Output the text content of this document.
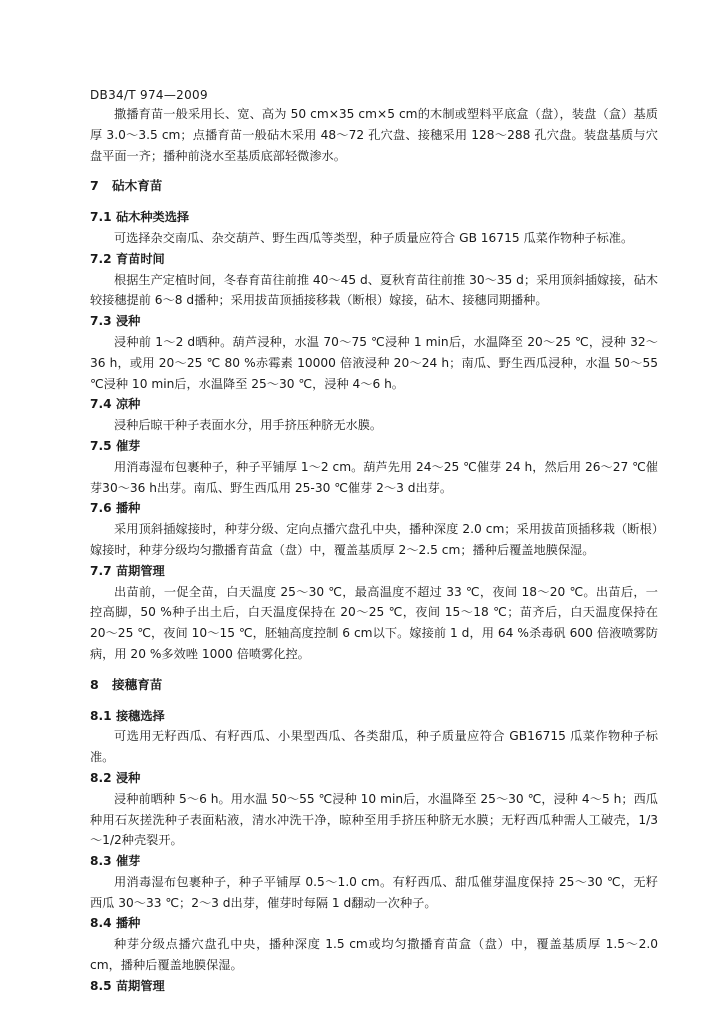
DB34/T 974—2009

撒播育苗一般采用长、宽、高为 50 cm×35 cm×5 cm的木制或塑料平底盒（盘），装盘（盒）基质厚 3.0～3.5 cm；点播育苗一般砧木采用 48～72 孔穴盘、接穗采用 128～288 孔穴盘。装盘基质与穴盘平面一齐；播种前浇水至基质底部轻微渗水。

7 砧木育苗
7.1 砧木种类选择

可选择杂交南瓜、杂交葫芦、野生西瓜等类型，种子质量应符合 GB 16715 瓜菜作物种子标准。

7.2 育苗时间

根据生产定植时间，冬春育苗往前推 40～45 d、夏秋育苗往前推 30～35 d；采用顶斜插嫁接，砧木较接穗提前 6～8 d播种；采用拔苗顶插接移栽（断根）嫁接，砧木、接穗同期播种。

7.3 浸种

浸种前 1～2 d晒种。葫芦浸种，水温 70～75 ℃浸种 1 min后，水温降至 20～25 ℃，浸种 32～36 h，或用 20～25 ℃ 80 %赤霉素 10000 倍液浸种 20～24 h；南瓜、野生西瓜浸种，水温 50～55 ℃浸种 10 min后，水温降至 25～30 ℃，浸种 4～6 h。

7.4 凉种

浸种后晾干种子表面水分，用手挤压种脐无水膜。

7.5 催芽

用消毒湿布包裹种子，种子平铺厚 1～2 cm。葫芦先用 24～25 ℃催芽 24 h，然后用 26～27 ℃催芽30～36 h出芽。南瓜、野生西瓜用 25-30 ℃催芽 2～3 d出芽。

7.6 播种

采用顶斜插嫁接时，种芽分级、定向点播穴盘孔中央，播种深度 2.0 cm；采用拔苗顶插移栽（断根）嫁接时，种芽分级均匀撒播育苗盒（盘）中，覆盖基质厚 2～2.5 cm；播种后覆盖地膜保湿。

7.7 苗期管理

出苗前，一促全苗，白天温度 25～30 ℃，最高温度不超过 33 ℃，夜间 18～20 ℃。出苗后，一控高脚，50 %种子出土后，白天温度保持在 20～25 ℃，夜间 15～18 ℃；苗齐后，白天温度保持在 20～25 ℃，夜间 10～15 ℃，胚轴高度控制 6 cm以下。嫁接前 1 d，用 64 %杀毒矾 600 倍液喷雾防病，用 20 %多效唑 1000 倍喷雾化控。

8 接穗育苗
8.1 接穗选择

可选用无籽西瓜、有籽西瓜、小果型西瓜、各类甜瓜，种子质量应符合 GB16715 瓜菜作物种子标准。

8.2 浸种

浸种前晒种 5～6 h。用水温 50～55 ℃浸种 10 min后，水温降至 25～30 ℃，浸种 4～5 h；西瓜种用石灰搓洗种子表面粘液，清水冲洗干净，晾种至用手挤压种脐无水膜；无籽西瓜种需人工破壳，1/3～1/2种壳裂开。

8.3 催芽

用消毒湿布包裹种子，种子平铺厚 0.5～1.0 cm。有籽西瓜、甜瓜催芽温度保持 25～30 ℃，无籽西瓜 30～33 ℃；2～3 d出芽，催芽时每隔 1 d翻动一次种子。

8.4 播种

种芽分级点播穴盘孔中央，播种深度 1.5 cm或均匀撒播育苗盒（盘）中，覆盖基质厚 1.5～2.0 cm，播种后覆盖地膜保湿。

8.5 苗期管理
